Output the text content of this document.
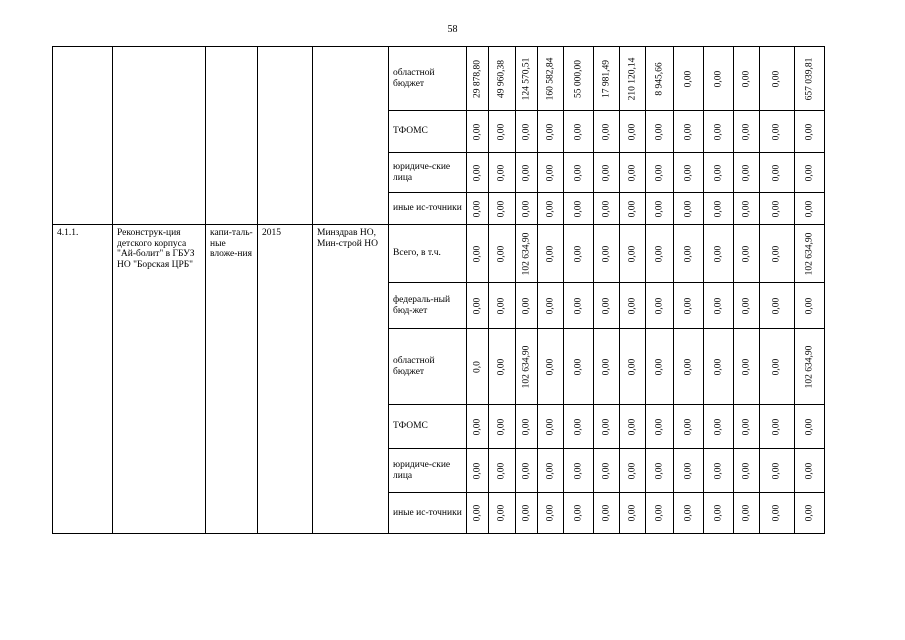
58
					областной бюджет	29 878,80	49 960,38	124 570,51	160 582,84	55 000,00	17 981,49	210 120,14	8 945,66	0,00	0,00	0,00	0,00	657 039,81

					ТФОМС	0,00	0,00	0,00	0,00	0,00	0,00	0,00	0,00	0,00	0,00	0,00	0,00	0,00

					юридиче-ские лица	0,00	0,00	0,00	0,00	0,00	0,00	0,00	0,00	0,00	0,00	0,00	0,00	0,00

					иные ис-точники	0,00	0,00	0,00	0,00	0,00	0,00	0,00	0,00	0,00	0,00	0,00	0,00	0,00

4.1.1.	Реконструк-ция детского корпуса "Ай-болит" в ГБУЗ НО "Борская ЦРБ"	капи-таль-ные вложе-ния	2015	Минздрав НО, Мин-строй НО	Всего, в т.ч.	0,00	0,00	102 634,90	0,00	0,00	0,00	0,00	0,00	0,00	0,00	0,00	0,00	102 634,90

					федераль-ный бюд-жет	0,00	0,00	0,00	0,00	0,00	0,00	0,00	0,00	0,00	0,00	0,00	0,00	0,00

					областной бюджет	0,0	0,00	102 634,90	0,00	0,00	0,00	0,00	0,00	0,00	0,00	0,00	0,00	102 634,90

					ТФОМС	0,00	0,00	0,00	0,00	0,00	0,00	0,00	0,00	0,00	0,00	0,00	0,00	0,00

					юридиче-ские лица	0,00	0,00	0,00	0,00	0,00	0,00	0,00	0,00	0,00	0,00	0,00	0,00	0,00

					иные ис-точники	0,00	0,00	0,00	0,00	0,00	0,00	0,00	0,00	0,00	0,00	0,00	0,00	0,00
